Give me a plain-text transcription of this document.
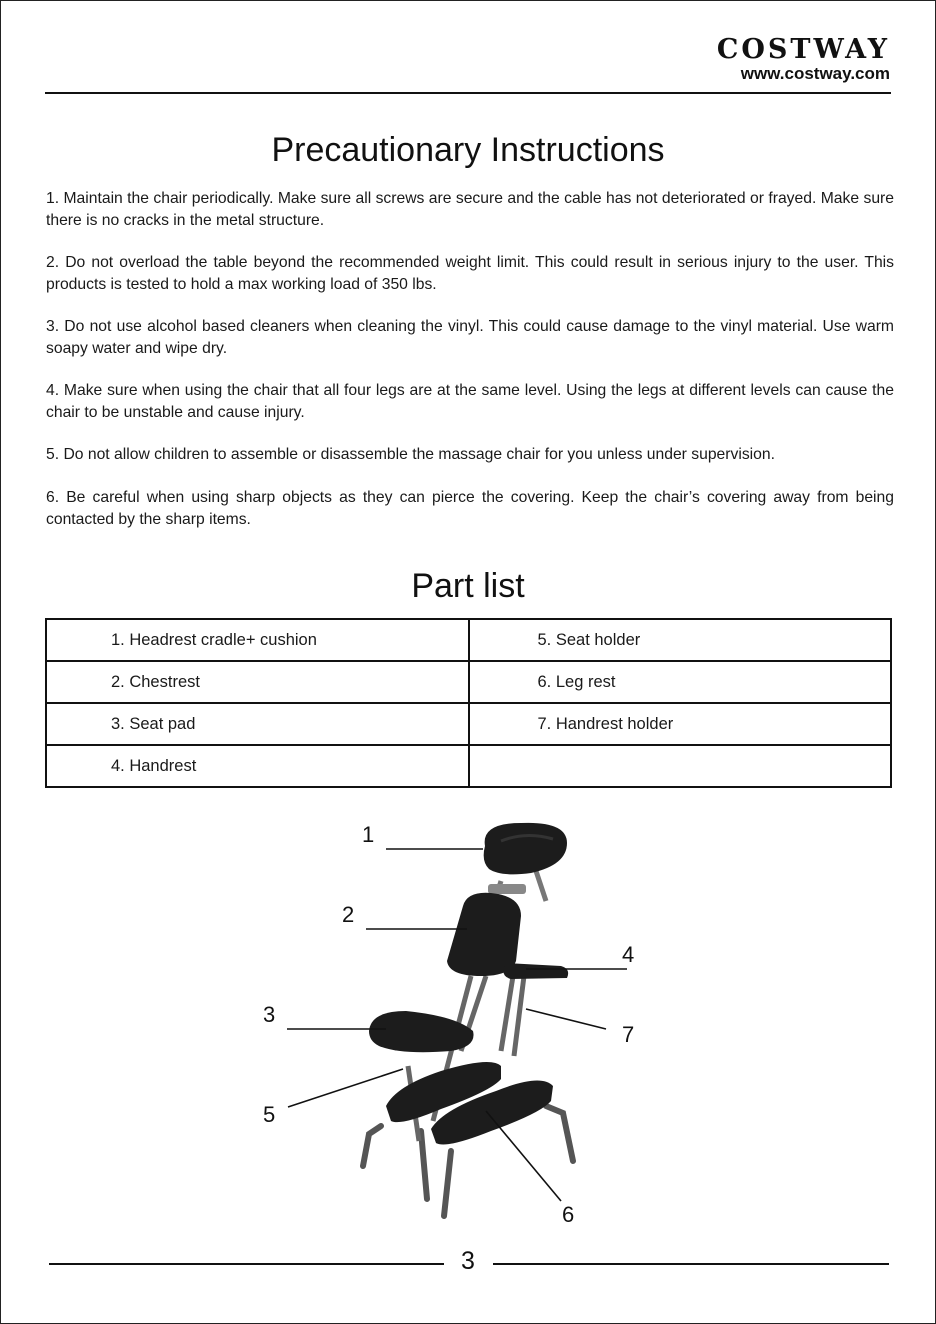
COSTWAY
www.costway.com
Precautionary Instructions

1. Maintain the chair periodically. Make sure all screws are secure and the cable has not deteriorated or frayed. Make sure there is no cracks in the metal structure.

2. Do not overload the table beyond the recommended weight limit. This could result in serious injury to the user. This products is tested to hold a max working load of 350 lbs.

3. Do not use alcohol based cleaners when cleaning the vinyl. This could cause damage to the vinyl material. Use warm soapy water and wipe dry.

4. Make sure when using the chair that all four legs are at the same level. Using the legs at different levels can cause the chair to be unstable and cause injury.

5. Do not allow children to assemble or disassemble the massage chair for you unless under supervision.

6. Be careful when using sharp objects as they can pierce the covering. Keep the chair’s covering away from being contacted by the sharp items.

Part list
1. Headrest cradle+ cushion	5. Seat holder

2. Chestrest	6. Leg rest

3. Seat pad	7. Handrest holder

4. Handrest	

1
2
3
4
5
6
7
3
